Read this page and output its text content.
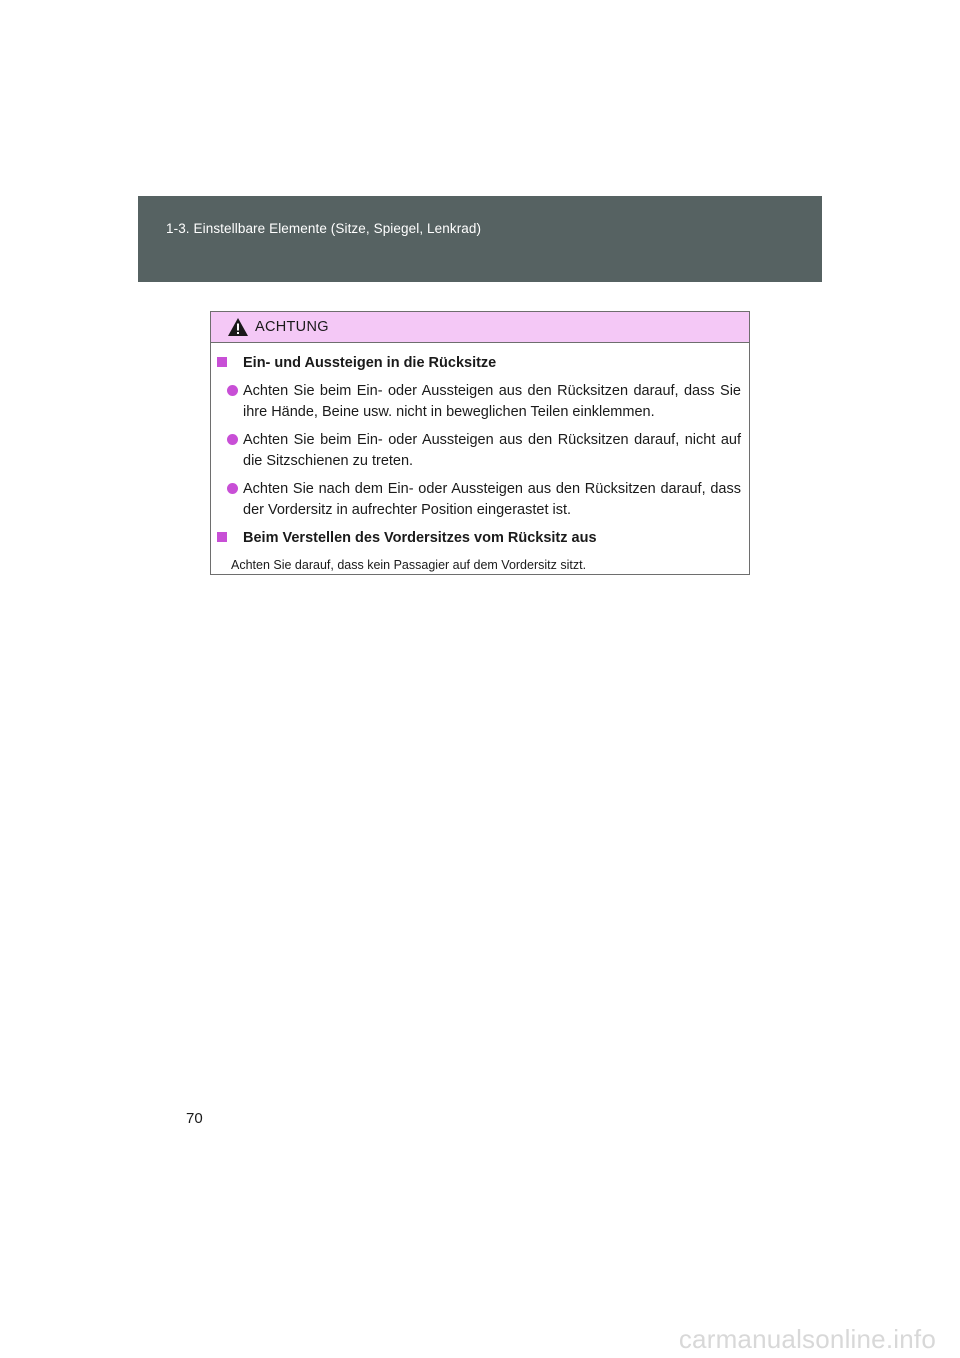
1-3. Einstellbare Elemente (Sitze, Spiegel, Lenkrad)
ACHTUNG
Ein- und Aussteigen in die Rücksitze
Achten Sie beim Ein- oder Aussteigen aus den Rücksitzen darauf, dass Sie ihre Hände, Beine usw. nicht in beweglichen Teilen einklemmen.
Achten Sie beim Ein- oder Aussteigen aus den Rücksitzen darauf, nicht auf die Sitzschienen zu treten.
Achten Sie nach dem Ein- oder Aussteigen aus den Rücksitzen darauf, dass der Vordersitz in aufrechter Position eingerastet ist.
Beim Verstellen des Vordersitzes vom Rücksitz aus
Achten Sie darauf, dass kein Passagier auf dem Vordersitz sitzt.
70
carmanualsonline.info
